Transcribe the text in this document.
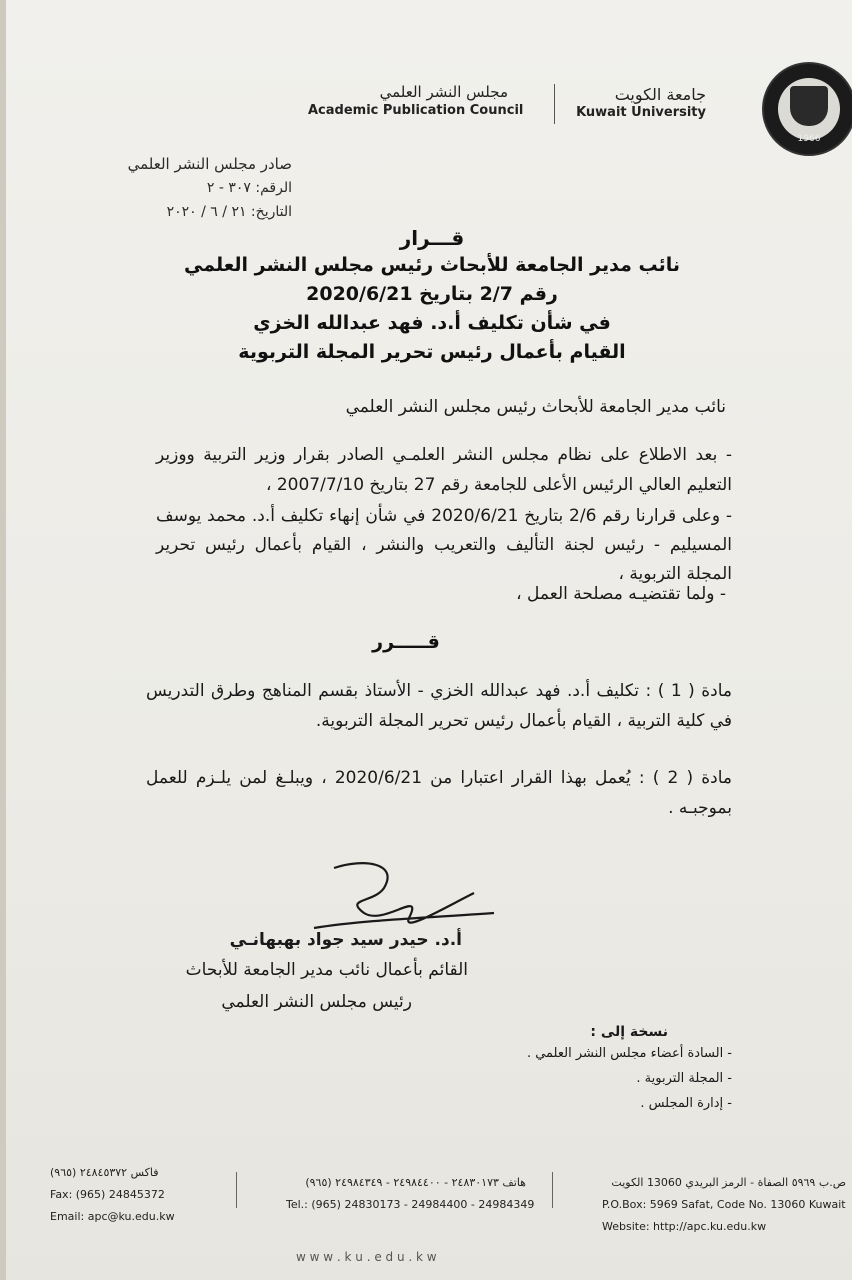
1966
جامعة الكويت
Kuwait University
مجلس النشر العلمي
Academic Publication Council
صادر مجلس النشر العلمي
الرقم: ٣٠٧ - ٢
التاريخ: ٢١ / ٦ / ٢٠٢٠
قـــرار
نائب مدير الجامعة للأبحاث رئيس مجلس النشر العلمي
رقم 2/7 بتاريخ 2020/6/21
في شأن تكليف أ.د. فهد عبدالله الخزي
القيام بأعمال رئيس تحرير المجلة التربوية
نائب مدير الجامعة للأبحاث رئيس مجلس النشر العلمي
- بعد الاطلاع على نظام مجلس النشر العلمـي الصادر بقرار وزير التربية ووزير التعليم العالي الرئيس الأعلى للجامعة رقم 27 بتاريخ 2007/7/10 ،
- وعلى قرارنا رقم 2/6 بتاريخ 2020/6/21 في شأن إنهاء تكليف أ.د. محمد يوسف المسيليم - رئيس لجنة التأليف والتعريب والنشر ، القيام بأعمال رئيس تحرير المجلة التربوية ،
- ولما تقتضيـه مصلحة العمل ،
قـــــرر
مادة ( 1 ) : تكليف أ.د. فهد عبدالله الخزي - الأستاذ بقسم المناهج وطرق التدريس في كلية التربية ، القيام بأعمال رئيس تحرير المجلة التربوية.
مادة ( 2 ) : يُعمل بهذا القرار اعتبارا من 2020/6/21 ، ويبلـغ لمن يلـزم للعمل بموجبـه .
أ.د. حيدر سيد جواد بهبهانـي
القائم بأعمال نائب مدير الجامعة للأبحاث
رئيس مجلس النشر العلمي
نسخة إلى :
- السادة أعضاء مجلس النشر العلمي .
- المجلة التربوية .
- إدارة المجلس .
ص.ب ٥٩٦٩ الصفاة - الرمز البريدي 13060 الكويت
P.O.Box: 5969 Safat, Code No. 13060 Kuwait
Website: http://apc.ku.edu.kw
هاتف ٢٤٨٣٠١٧٣ - ٢٤٩٨٤٤٠٠ - ٢٤٩٨٤٣٤٩ (٩٦٥)
Tel.: (965) 24830173 - 24984400 - 24984349
فاكس ٢٤٨٤٥٣٧٢ (٩٦٥)
Fax: (965) 24845372
Email: apc@ku.edu.kw
w w w . k u . e d u . k w
